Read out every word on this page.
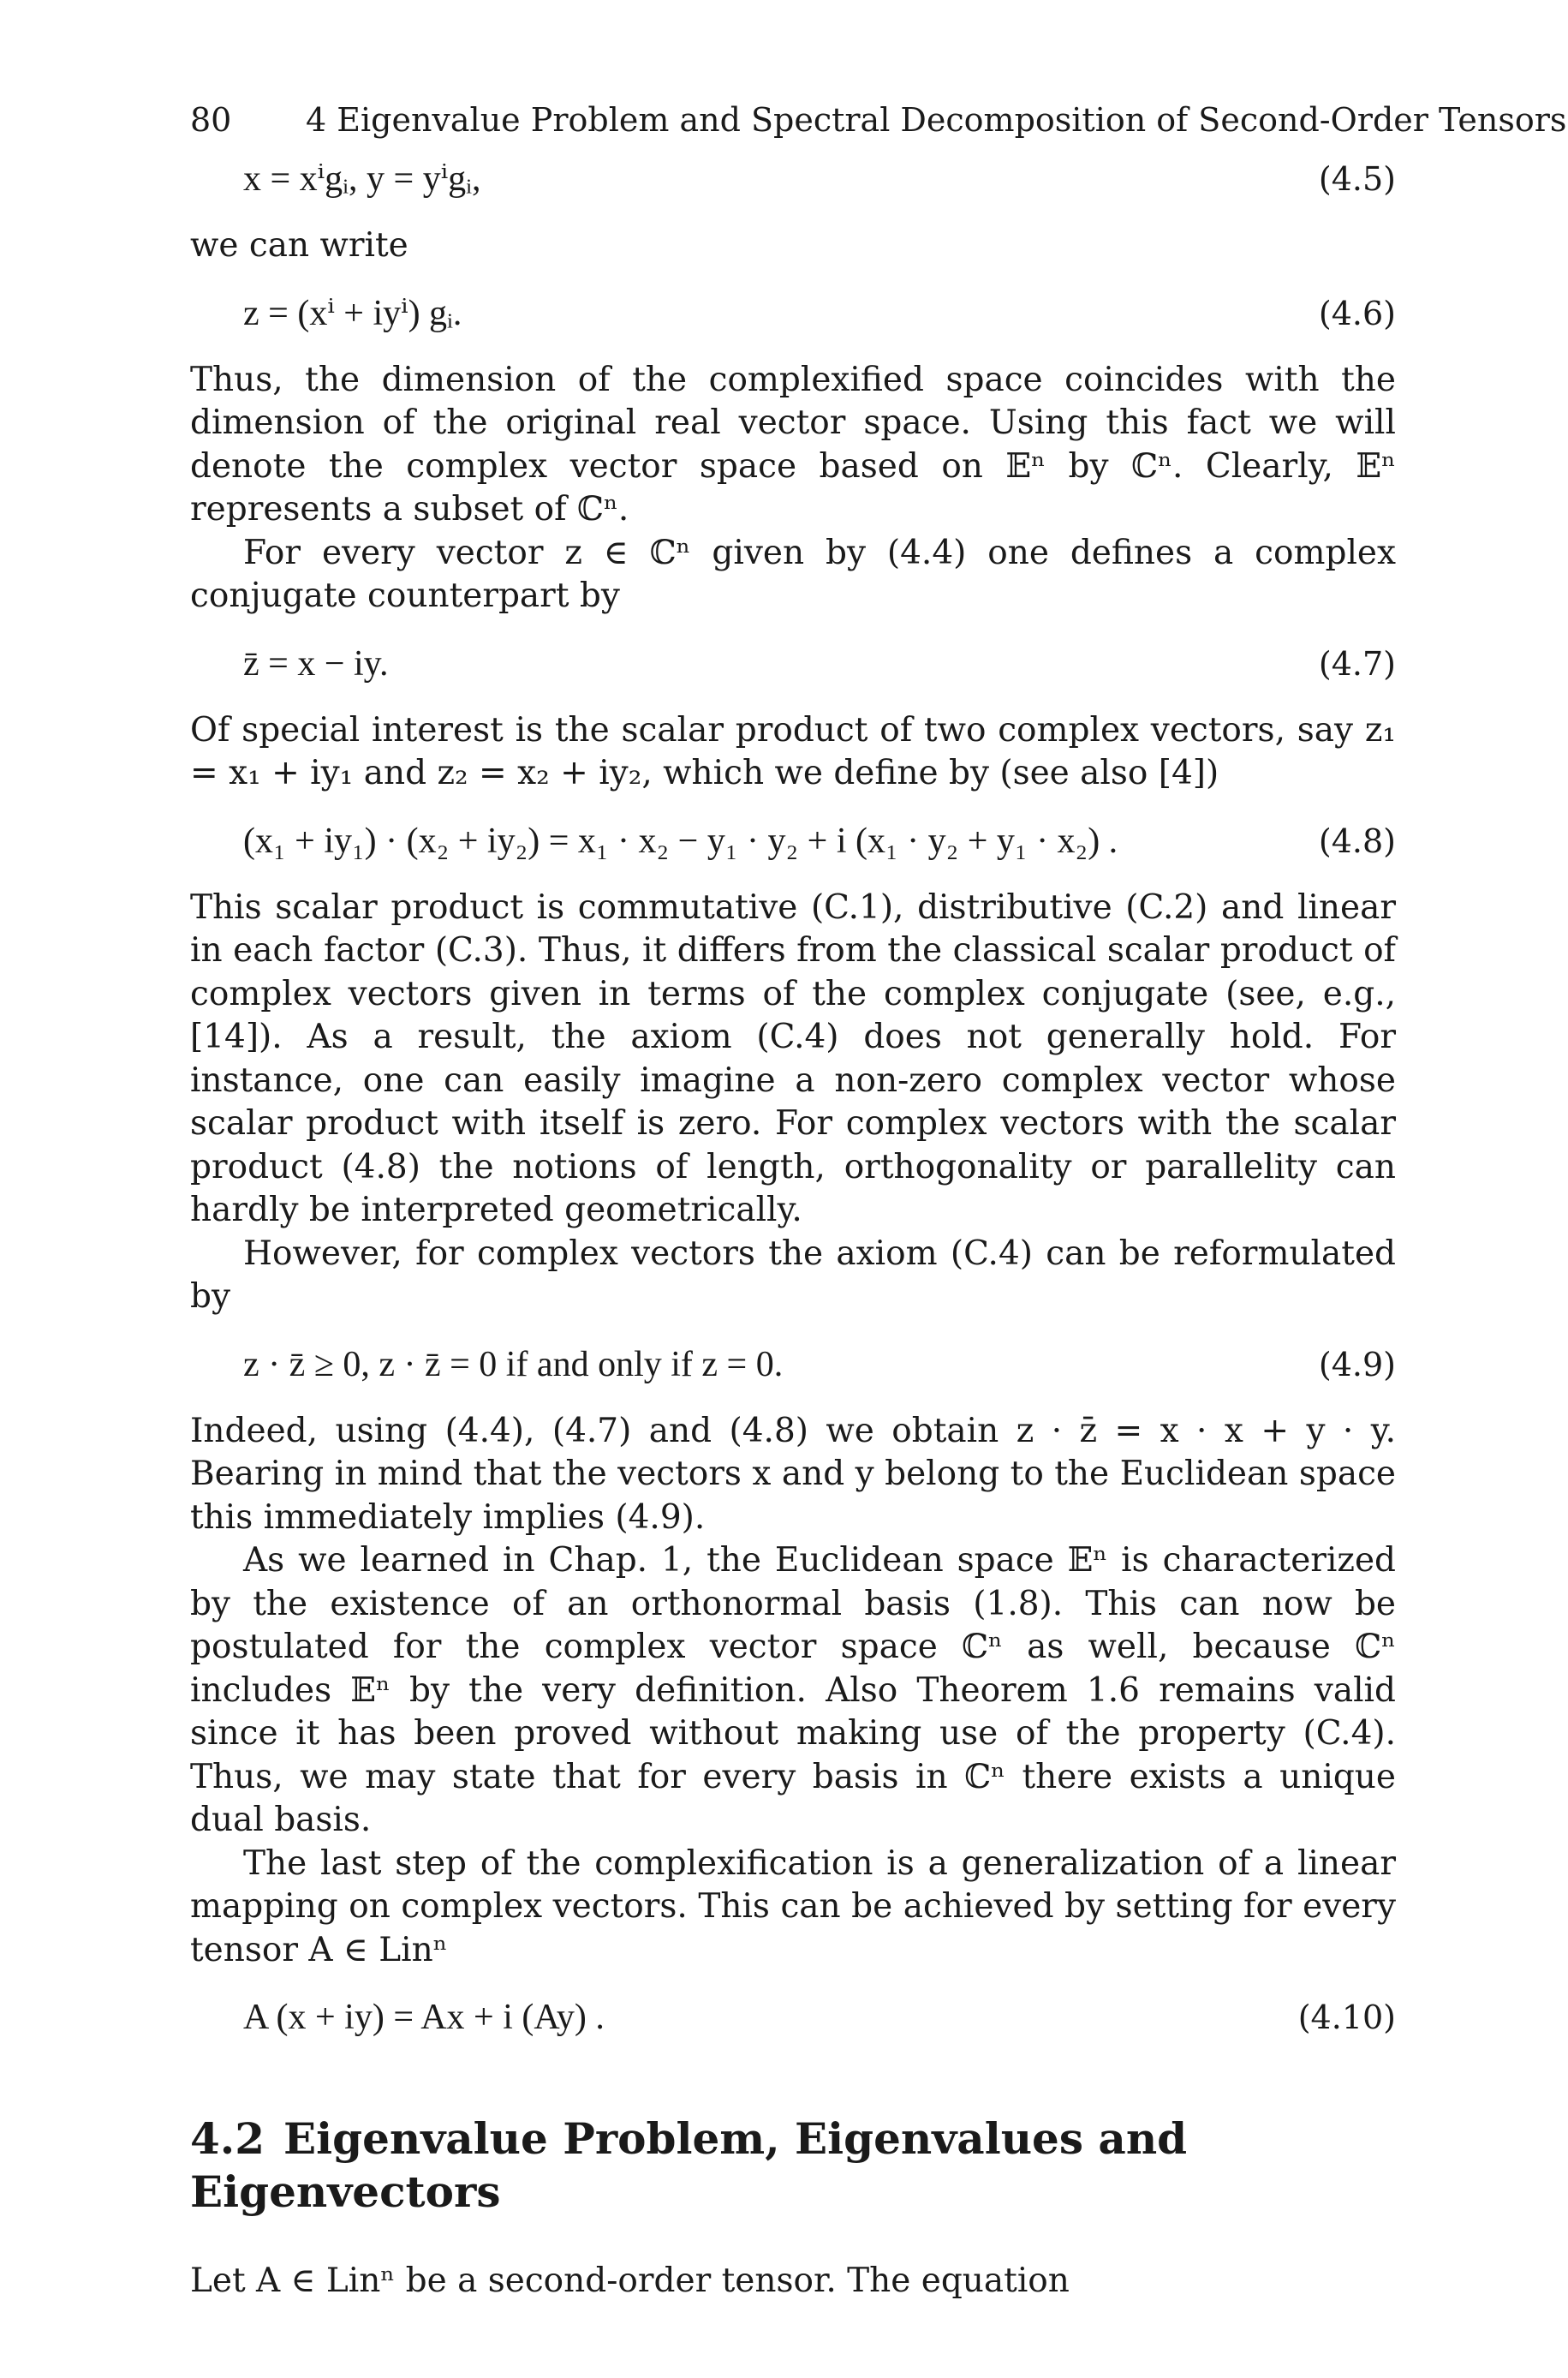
80 4 Eigenvalue Problem and Spectral Decomposition of Second-Order Tensors
x = xⁱgᵢ, y = yⁱgᵢ,	(4.5)

we can write

z = (xⁱ + iyⁱ) gᵢ.	(4.6)

Thus, the dimension of the complexified space coincides with the dimension of the original real vector space. Using this fact we will denote the complex vector space based on 𝔼ⁿ by ℂⁿ. Clearly, 𝔼ⁿ represents a subset of ℂⁿ.

For every vector z ∈ ℂⁿ given by (4.4) one defines a complex conjugate counterpart by

z̄ = x − iy.	(4.7)

Of special interest is the scalar product of two complex vectors, say z₁ = x₁ + iy₁ and z₂ = x₂ + iy₂, which we define by (see also [4])

(x₁ + iy₁) · (x₂ + iy₂) = x₁ · x₂ − y₁ · y₂ + i (x₁ · y₂ + y₁ · x₂) .	(4.8)

This scalar product is commutative (C.1), distributive (C.2) and linear in each factor (C.3). Thus, it differs from the classical scalar product of complex vectors given in terms of the complex conjugate (see, e.g., [14]). As a result, the axiom (C.4) does not generally hold. For instance, one can easily imagine a non-zero complex vector whose scalar product with itself is zero. For complex vectors with the scalar product (4.8) the notions of length, orthogonality or parallelity can hardly be interpreted geometrically.

However, for complex vectors the axiom (C.4) can be reformulated by

z · z̄ ≥ 0, z · z̄ = 0 if and only if z = 0.	(4.9)

Indeed, using (4.4), (4.7) and (4.8) we obtain z · z̄ = x · x + y · y. Bearing in mind that the vectors x and y belong to the Euclidean space this immediately implies (4.9).

As we learned in Chap. 1, the Euclidean space 𝔼ⁿ is characterized by the existence of an orthonormal basis (1.8). This can now be postulated for the complex vector space ℂⁿ as well, because ℂⁿ includes 𝔼ⁿ by the very definition. Also Theorem 1.6 remains valid since it has been proved without making use of the property (C.4). Thus, we may state that for every basis in ℂⁿ there exists a unique dual basis.

The last step of the complexification is a generalization of a linear mapping on complex vectors. This can be achieved by setting for every tensor A ∈ Linⁿ

A (x + iy) = Ax + i (Ay) .	(4.10)
4.2 Eigenvalue Problem, Eigenvalues and Eigenvectors

Let A ∈ Linⁿ be a second-order tensor. The equation
